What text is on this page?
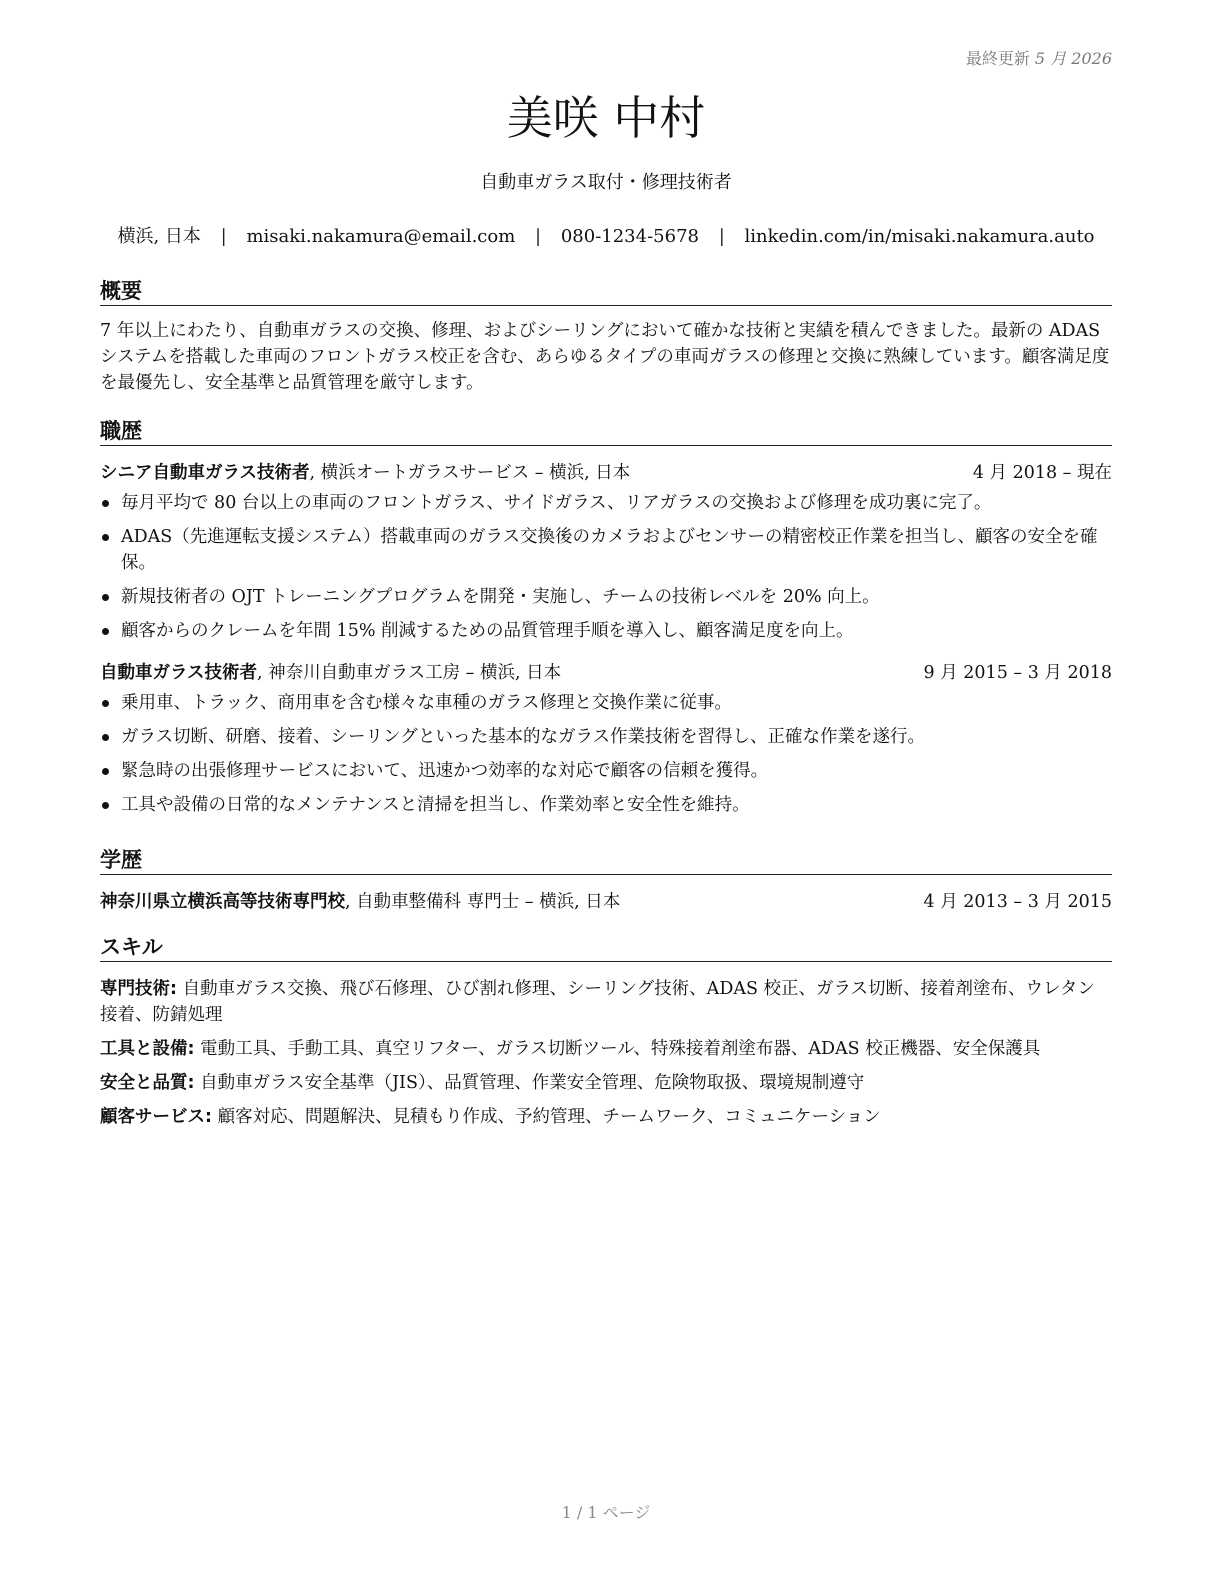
最終更新 5 月 2026
美咲 中村
自動車ガラス取付・修理技術者
横浜, 日本 | misaki.nakamura@email.com | 080-1234-5678 | linkedin.com/in/misaki.nakamura.auto
概要
7 年以上にわたり、自動車ガラスの交換、修理、およびシーリングにおいて確かな技術と実績を積んできました。最新の ADAS システムを搭載した車両のフロントガラス校正を含む、あらゆるタイプの車両ガラスの修理と交換に熟練しています。顧客満足度を最優先し、安全基準と品質管理を厳守します。
職歴
シニア自動車ガラス技術者, 横浜オートガラスサービス – 横浜, 日本	4 月 2018 – 現在
毎月平均で 80 台以上の車両のフロントガラス、サイドガラス、リアガラスの交換および修理を成功裏に完了。
ADAS（先進運転支援システム）搭載車両のガラス交換後のカメラおよびセンサーの精密校正作業を担当し、顧客の安全を確保。
新規技術者の OJT トレーニングプログラムを開発・実施し、チームの技術レベルを 20% 向上。
顧客からのクレームを年間 15% 削減するための品質管理手順を導入し、顧客満足度を向上。
自動車ガラス技術者, 神奈川自動車ガラス工房 – 横浜, 日本	9 月 2015 – 3 月 2018
乗用車、トラック、商用車を含む様々な車種のガラス修理と交換作業に従事。
ガラス切断、研磨、接着、シーリングといった基本的なガラス作業技術を習得し、正確な作業を遂行。
緊急時の出張修理サービスにおいて、迅速かつ効率的な対応で顧客の信頼を獲得。
工具や設備の日常的なメンテナンスと清掃を担当し、作業効率と安全性を維持。
学歴
神奈川県立横浜高等技術専門校, 自動車整備科 専門士 – 横浜, 日本	4 月 2013 – 3 月 2015
スキル
専門技術: 自動車ガラス交換、飛び石修理、ひび割れ修理、シーリング技術、ADAS 校正、ガラス切断、接着剤塗布、ウレタン接着、防錆処理
工具と設備: 電動工具、手動工具、真空リフター、ガラス切断ツール、特殊接着剤塗布器、ADAS 校正機器、安全保護具
安全と品質: 自動車ガラス安全基準（JIS）、品質管理、作業安全管理、危険物取扱、環境規制遵守
顧客サービス: 顧客対応、問題解決、見積もり作成、予約管理、チームワーク、コミュニケーション
1 / 1 ページ
